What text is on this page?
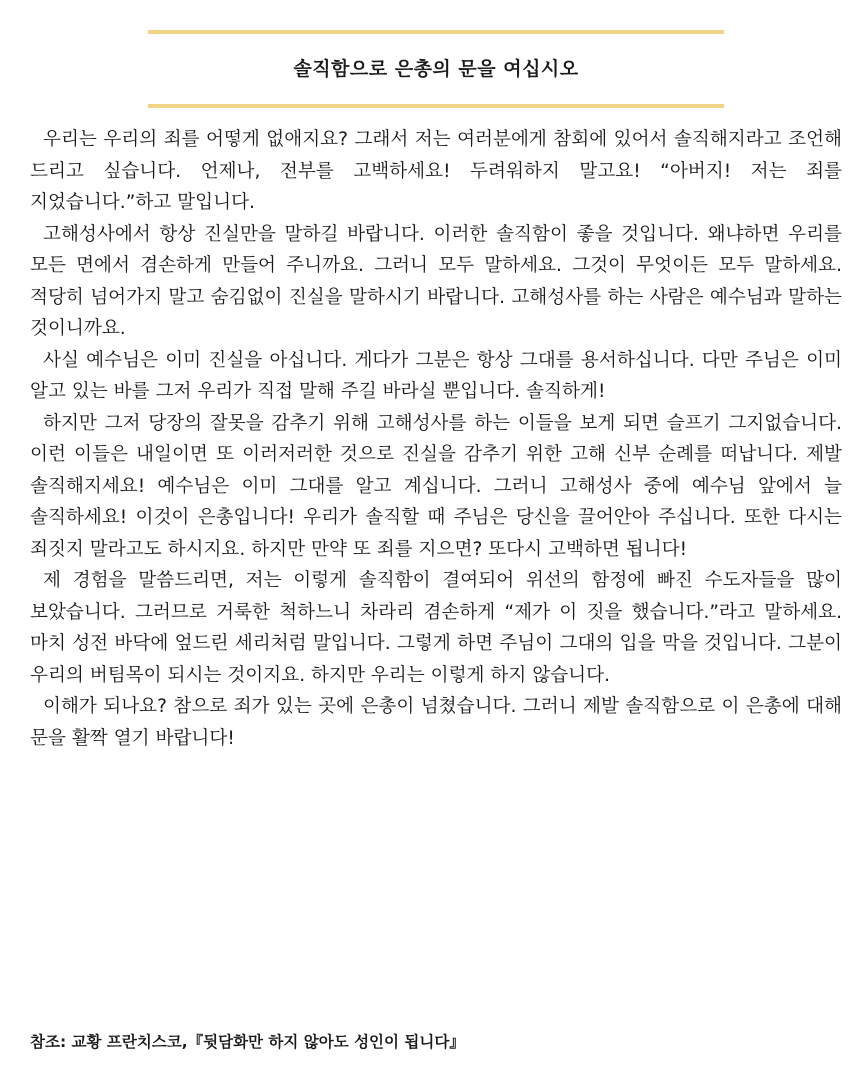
솔직함으로 은총의 문을 여십시오

우리는 우리의 죄를 어떻게 없애지요? 그래서 저는 여러분에게 참회에 있어서 솔직해지라고 조언해 드리고 싶습니다. 언제나, 전부를 고백하세요! 두려워하지 말고요! “아버지! 저는 죄를 지었습니다.”하고 말입니다.

고해성사에서 항상 진실만을 말하길 바랍니다. 이러한 솔직함이 좋을 것입니다. 왜냐하면 우리를 모든 면에서 겸손하게 만들어 주니까요. 그러니 모두 말하세요. 그것이 무엇이든 모두 말하세요. 적당히 넘어가지 말고 숨김없이 진실을 말하시기 바랍니다. 고해성사를 하는 사람은 예수님과 말하는 것이니까요.

사실 예수님은 이미 진실을 아십니다. 게다가 그분은 항상 그대를 용서하십니다. 다만 주님은 이미 알고 있는 바를 그저 우리가 직접 말해 주길 바라실 뿐입니다. 솔직하게!

하지만 그저 당장의 잘못을 감추기 위해 고해성사를 하는 이들을 보게 되면 슬프기 그지없습니다. 이런 이들은 내일이면 또 이러저러한 것으로 진실을 감추기 위한 고해 신부 순례를 떠납니다. 제발 솔직해지세요! 예수님은 이미 그대를 알고 계십니다. 그러니 고해성사 중에 예수님 앞에서 늘 솔직하세요! 이것이 은총입니다! 우리가 솔직할 때 주님은 당신을 끌어안아 주십니다. 또한 다시는 죄짓지 말라고도 하시지요. 하지만 만약 또 죄를 지으면? 또다시 고백하면 됩니다!

제 경험을 말씀드리면, 저는 이렇게 솔직함이 결여되어 위선의 함정에 빠진 수도자들을 많이 보았습니다. 그러므로 거룩한 척하느니 차라리 겸손하게 “제가 이 짓을 했습니다.”라고 말하세요. 마치 성전 바닥에 엎드린 세리처럼 말입니다. 그렇게 하면 주님이 그대의 입을 막을 것입니다. 그분이 우리의 버팀목이 되시는 것이지요. 하지만 우리는 이렇게 하지 않습니다.

이해가 되나요? 참으로 죄가 있는 곳에 은총이 넘쳤습니다. 그러니 제발 솔직함으로 이 은총에 대해 문을 활짝 열기 바랍니다!

참조: 교황 프란치스코,『뒷담화만 하지 않아도 성인이 됩니다』
